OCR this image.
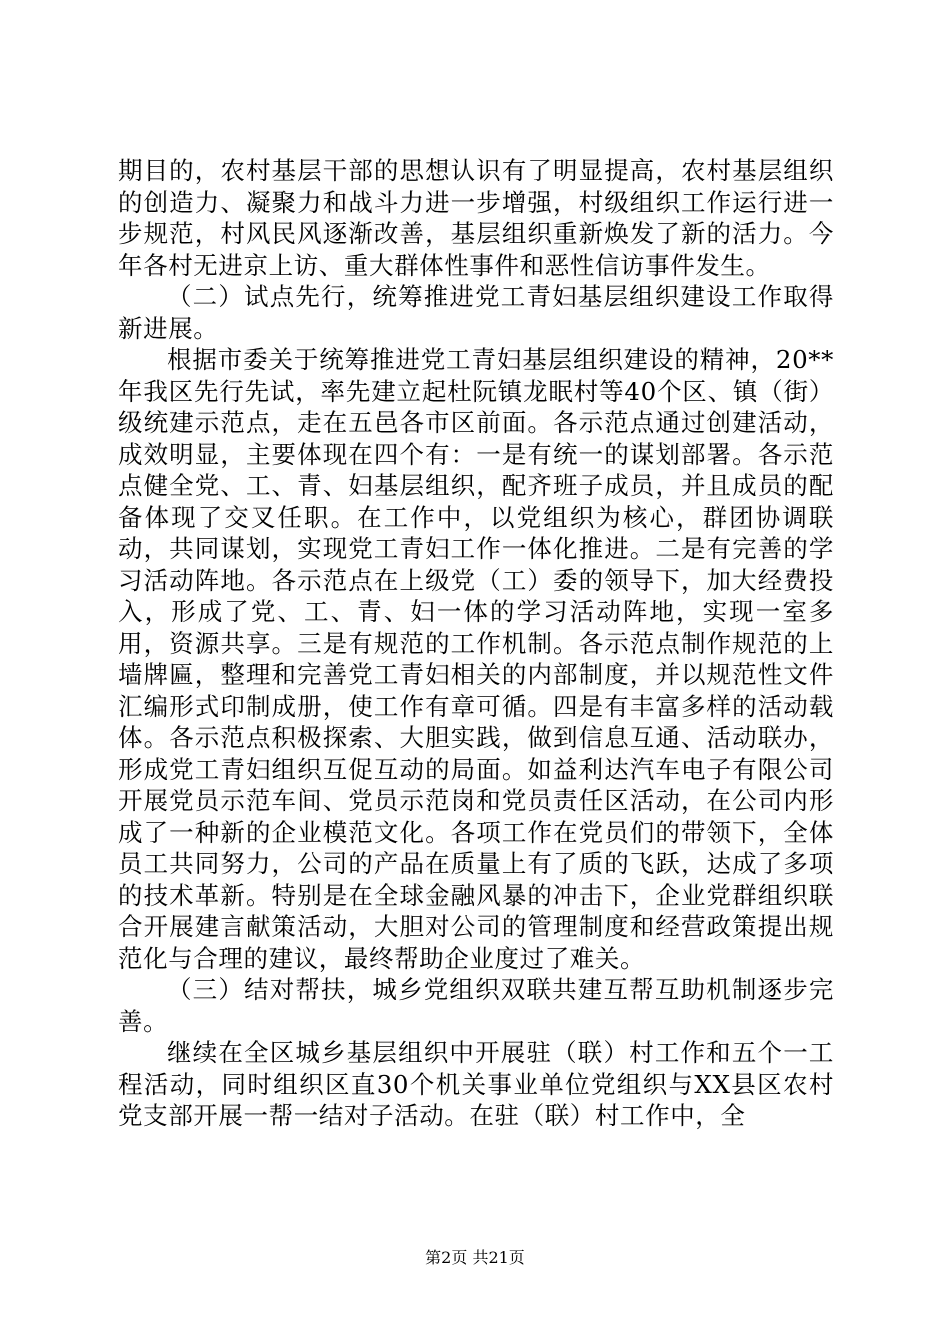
期目的，农村基层干部的思想认识有了明显提高，农村基层组织的创造力、凝聚力和战斗力进一步增强，村级组织工作运行进一步规范，村风民风逐渐改善，基层组织重新焕发了新的活力。今年各村无进京上访、重大群体性事件和恶性信访事件发生。

（二）试点先行，统筹推进党工青妇基层组织建设工作取得新进展。

根据市委关于统筹推进党工青妇基层组织建设的精神，20**年我区先行先试，率先建立起杜阮镇龙眠村等40个区、镇（街）级统建示范点，走在五邑各市区前面。各示范点通过创建活动，成效明显，主要体现在四个有：一是有统一的谋划部署。各示范点健全党、工、青、妇基层组织，配齐班子成员，并且成员的配备体现了交叉任职。在工作中，以党组织为核心，群团协调联动，共同谋划，实现党工青妇工作一体化推进。二是有完善的学习活动阵地。各示范点在上级党（工）委的领导下，加大经费投入，形成了党、工、青、妇一体的学习活动阵地，实现一室多用，资源共享。三是有规范的工作机制。各示范点制作规范的上墙牌匾，整理和完善党工青妇相关的内部制度，并以规范性文件汇编形式印制成册，使工作有章可循。四是有丰富多样的活动载体。各示范点积极探索、大胆实践，做到信息互通、活动联办，形成党工青妇组织互促互动的局面。如益利达汽车电子有限公司开展党员示范车间、党员示范岗和党员责任区活动，在公司内形成了一种新的企业模范文化。各项工作在党员们的带领下，全体员工共同努力，公司的产品在质量上有了质的飞跃，达成了多项的技术革新。特别是在全球金融风暴的冲击下，企业党群组织联合开展建言献策活动，大胆对公司的管理制度和经营政策提出规范化与合理的建议，最终帮助企业度过了难关。

（三）结对帮扶，城乡党组织双联共建互帮互助机制逐步完善。

继续在全区城乡基层组织中开展驻（联）村工作和五个一工程活动，同时组织区直30个机关事业单位党组织与XX县区农村党支部开展一帮一结对子活动。在驻（联）村工作中，全

第2页 共21页
